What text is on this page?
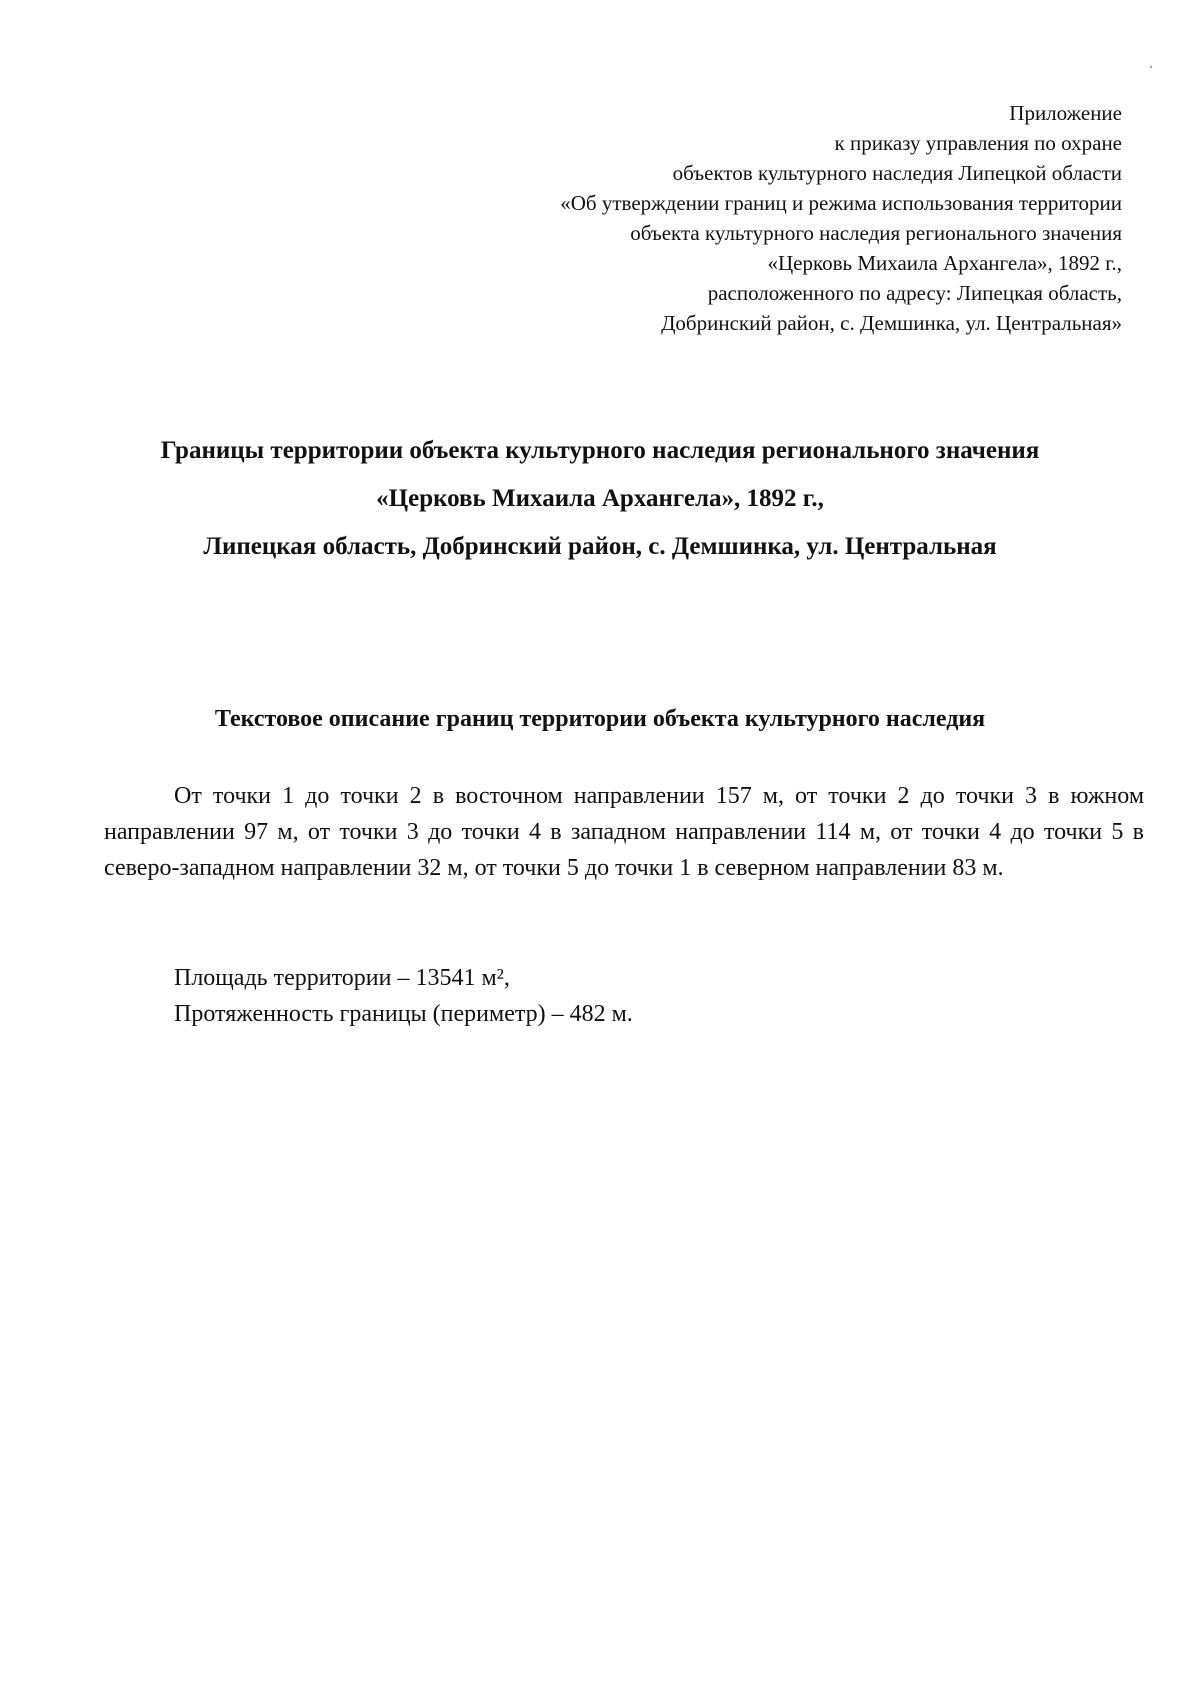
Приложение
к приказу управления по охране
объектов культурного наследия Липецкой области
«Об утверждении границ и режима использования территории
объекта культурного наследия регионального значения
«Церковь Михаила Архангела», 1892 г.,
расположенного по адресу: Липецкая область,
Добринский район, с. Демшинка, ул. Центральная»
Границы территории объекта культурного наследия регионального значения
«Церковь Михаила Архангела», 1892 г.,
Липецкая область, Добринский район, с. Демшинка, ул. Центральная
Текстовое описание границ территории объекта культурного наследия

От точки 1 до точки 2 в восточном направлении 157 м, от точки 2 до точки 3 в южном направлении 97 м, от точки 3 до точки 4 в западном направлении 114 м, от точки 4 до точки 5 в северо-западном направлении 32 м, от точки 5 до точки 1 в северном направлении 83 м.

Площадь территории – 13541 м²,
Протяженность границы (периметр) – 482 м.
